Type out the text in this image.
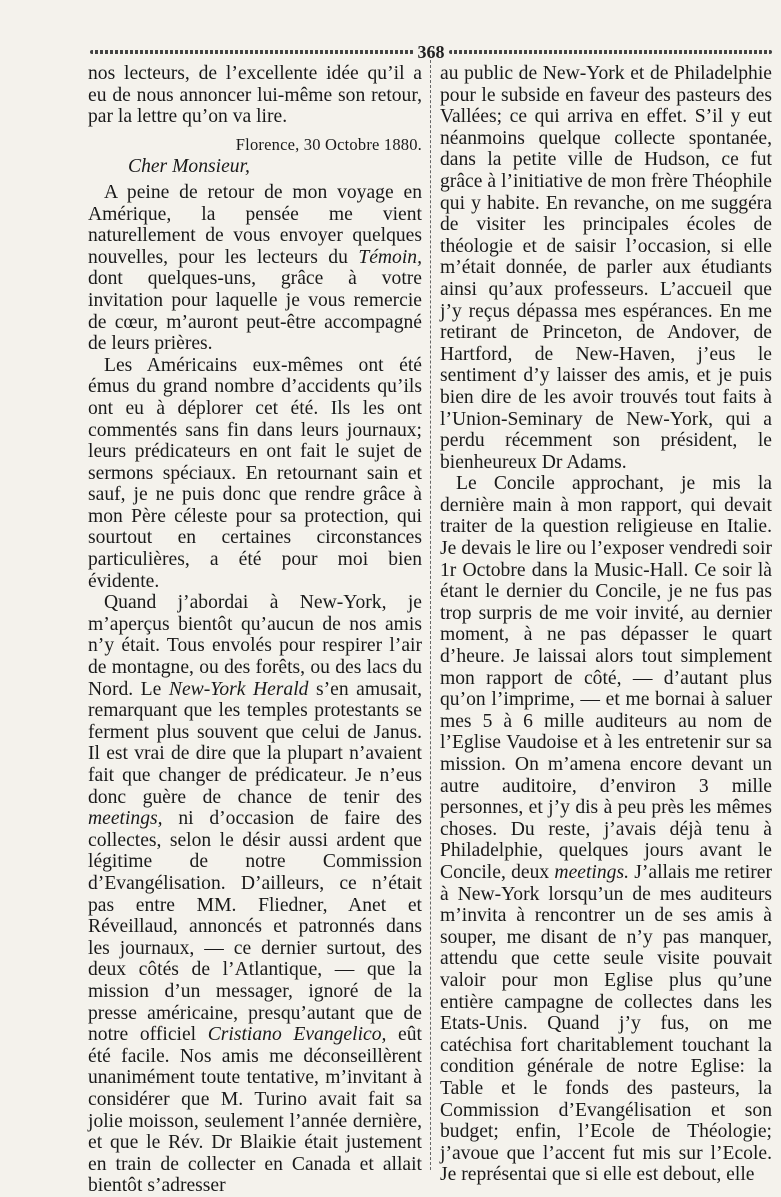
368

nos lecteurs, de l’excellente idée qu’il a eu de nous annoncer lui-même son retour, par la lettre qu’on va lire.

Florence, 30 Octobre 1880.

Cher Monsieur,

A peine de retour de mon voyage en Amérique, la pensée me vient naturellement de vous envoyer quelques nouvelles, pour les lecteurs du Témoin, dont quelques-uns, grâce à votre invitation pour laquelle je vous remercie de cœur, m’auront peut-être accompagné de leurs prières.

Les Américains eux-mêmes ont été émus du grand nombre d’accidents qu’ils ont eu à déplorer cet été. Ils les ont commentés sans fin dans leurs journaux; leurs prédicateurs en ont fait le sujet de sermons spéciaux. En retournant sain et sauf, je ne puis donc que rendre grâce à mon Père céleste pour sa protection, qui sourtout en certaines circonstances particulières, a été pour moi bien évidente.

Quand j’abordai à New-York, je m’aperçus bientôt qu’aucun de nos amis n’y était. Tous envolés pour respirer l’air de montagne, ou des forêts, ou des lacs du Nord. Le New-York Herald s’en amusait, remarquant que les temples protestants se ferment plus souvent que celui de Janus. Il est vrai de dire que la plupart n’avaient fait que changer de prédicateur. Je n’eus donc guère de chance de tenir des meetings, ni d’occasion de faire des collectes, selon le désir aussi ardent que légitime de notre Commission d’Evangélisation. D’ailleurs, ce n’était pas entre MM. Fliedner, Anet et Réveillaud, annoncés et patronnés dans les journaux, — ce dernier surtout, des deux côtés de l’Atlantique, — que la mission d’un messager, ignoré de la presse américaine, presqu’autant que de notre officiel Cristiano Evangelico, eût été facile. Nos amis me déconseillèrent unanimément toute tentative, m’invitant à considérer que M. Turino avait fait sa jolie moisson, seulement l’année dernière, et que le Rév. Dr Blaikie était justement en train de collecter en Canada et allait bientôt s’adresser

au public de New-York et de Philadelphie pour le subside en faveur des pasteurs des Vallées; ce qui arriva en effet. S’il y eut néanmoins quelque collecte spontanée, dans la petite ville de Hudson, ce fut grâce à l’initiative de mon frère Théophile qui y habite. En revanche, on me suggéra de visiter les principales écoles de théologie et de saisir l’occasion, si elle m’était donnée, de parler aux étudiants ainsi qu’aux professeurs. L’accueil que j’y reçus dépassa mes espérances. En me retirant de Princeton, de Andover, de Hartford, de New-Haven, j’eus le sentiment d’y laisser des amis, et je puis bien dire de les avoir trouvés tout faits à l’Union-Seminary de New-York, qui a perdu récemment son président, le bienheureux Dr Adams.

Le Concile approchant, je mis la dernière main à mon rapport, qui devait traiter de la question religieuse en Italie. Je devais le lire ou l’exposer vendredi soir 1r Octobre dans la Music-Hall. Ce soir là étant le dernier du Concile, je ne fus pas trop surpris de me voir invité, au dernier moment, à ne pas dépasser le quart d’heure. Je laissai alors tout simplement mon rapport de côté, — d’autant plus qu’on l’imprime, — et me bornai à saluer mes 5 à 6 mille auditeurs au nom de l’Eglise Vaudoise et à les entretenir sur sa mission. On m’amena encore devant un autre auditoire, d’environ 3 mille personnes, et j’y dis à peu près les mêmes choses. Du reste, j’avais déjà tenu à Philadelphie, quelques jours avant le Concile, deux meetings. J’allais me retirer à New-York lorsqu’un de mes auditeurs m’invita à rencontrer un de ses amis à souper, me disant de n’y pas manquer, attendu que cette seule visite pouvait valoir pour mon Eglise plus qu’une entière campagne de collectes dans les Etats-Unis. Quand j’y fus, on me catéchisa fort charitablement touchant la condition générale de notre Eglise: la Table et le fonds des pasteurs, la Commission d’Evangélisation et son budget; enfin, l’Ecole de Théologie; j’avoue que l’accent fut mis sur l’Ecole. Je représentai que si elle est debout, elle
